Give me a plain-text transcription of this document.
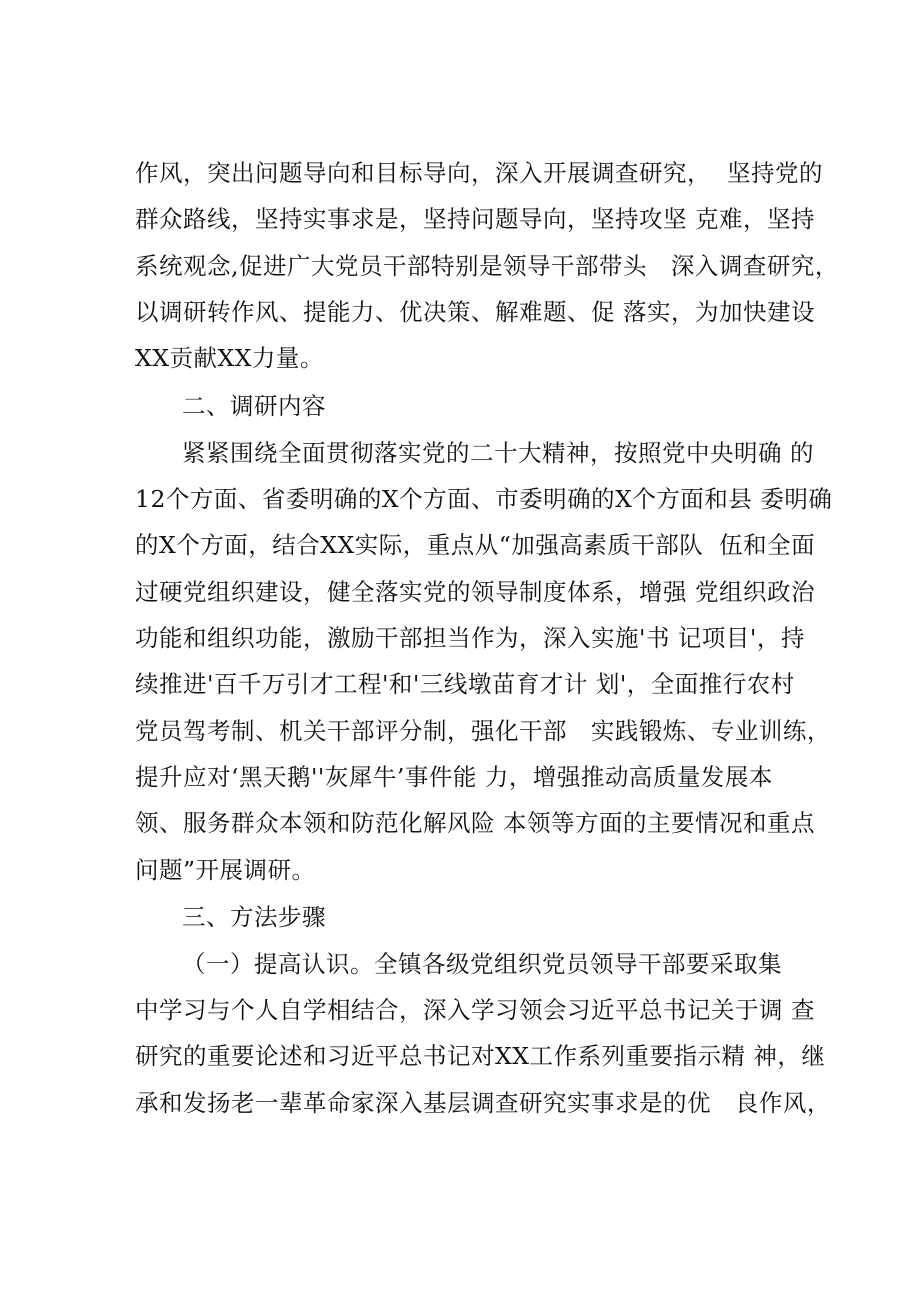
作风，突出问题导向和目标导向，深入开展调查研究，  坚持党的
群众路线，坚持实事求是，坚持问题导向，坚持攻坚 克难，坚持
系统观念,促进广大党员干部特别是领导干部带头   深入调查研究，
以调研转作风、提能力、优决策、解难题、促 落实，为加快建设
XX贡献XX力量。
二、调研内容
紧紧围绕全面贯彻落实党的二十大精神，按照党中央明确 的
12个方面、省委明确的X个方面、市委明确的X个方面和县 委明确
的X个方面，结合XX实际，重点从“加强高素质干部队  伍和全面
过硬党组织建设，健全落实党的领导制度体系，增强 党组织政治
功能和组织功能，激励干部担当作为，深入实施'书 记项目'，持
续推进'百千万引才工程'和'三线墩苗育才计 划'，全面推行农村
党员驾考制、机关干部评分制，强化干部   实践锻炼、专业训练，
提升应对‘黑天鹅''灰犀牛’事件能 力，增强推动高质量发展本
领、服务群众本领和防范化解风险 本领等方面的主要情况和重点
问题”开展调研。
三、方法步骤
（一）提高认识。全镇各级党组织党员领导干部要采取集
中学习与个人自学相结合，深入学习领会习近平总书记关于调 查
研究的重要论述和习近平总书记对XX工作系列重要指示精 神，继
承和发扬老一辈革命家深入基层调查研究实事求是的优   良作风，
